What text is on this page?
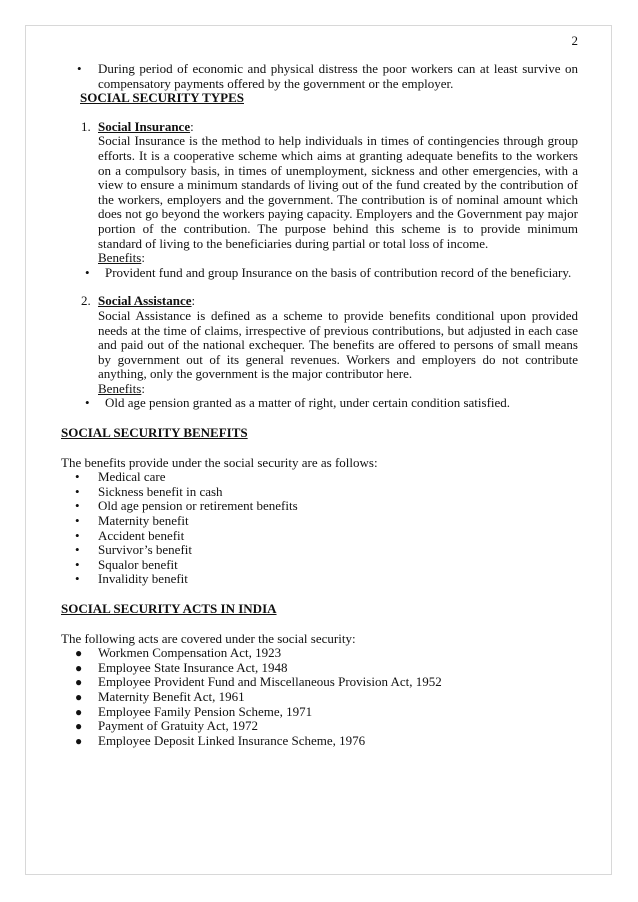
2
•	During period of economic and physical distress the poor workers can at least survive on compensatory payments offered by the government or the employer.
SOCIAL SECURITY TYPES
1. Social Insurance:
Social Insurance is the method to help individuals in times of contingencies through group efforts. It is a cooperative scheme which aims at granting adequate benefits to the workers on a compulsory basis, in times of unemployment, sickness and other emergencies, with a view to ensure a minimum standards of living out of the fund created by the contribution of the workers, employers and the government. The contribution is of nominal amount which does not go beyond the workers paying capacity. Employers and the Government pay major portion of the contribution. The purpose behind this scheme is to provide minimum standard of living to the beneficiaries during partial or total loss of income.
Benefits:
•	Provident fund and group Insurance on the basis of contribution record of the beneficiary.
2. Social Assistance:
Social Assistance is defined as a scheme to provide benefits conditional upon provided needs at the time of claims, irrespective of previous contributions, but adjusted in each case and paid out of the national exchequer. The benefits are offered to persons of small means by government out of its general revenues. Workers and employers do not contribute anything, only the government is the major contributor here.
Benefits:
•	Old age pension granted as a matter of right, under certain condition satisfied.
SOCIAL SECURITY BENEFITS
The benefits provide under the social security are as follows:
•	Medical care
•	Sickness benefit in cash
•	Old age pension or retirement benefits
•	Maternity benefit
•	Accident benefit
•	Survivor’s benefit
•	Squalor benefit
•	Invalidity benefit
SOCIAL SECURITY ACTS IN INDIA
The following acts are covered under the social security:
●	Workmen Compensation Act, 1923
●	Employee State Insurance Act, 1948
●	Employee Provident Fund and Miscellaneous Provision Act, 1952
●	Maternity Benefit Act, 1961
●	Employee Family Pension Scheme, 1971
●	Payment of Gratuity Act, 1972
●	Employee Deposit Linked Insurance Scheme, 1976
